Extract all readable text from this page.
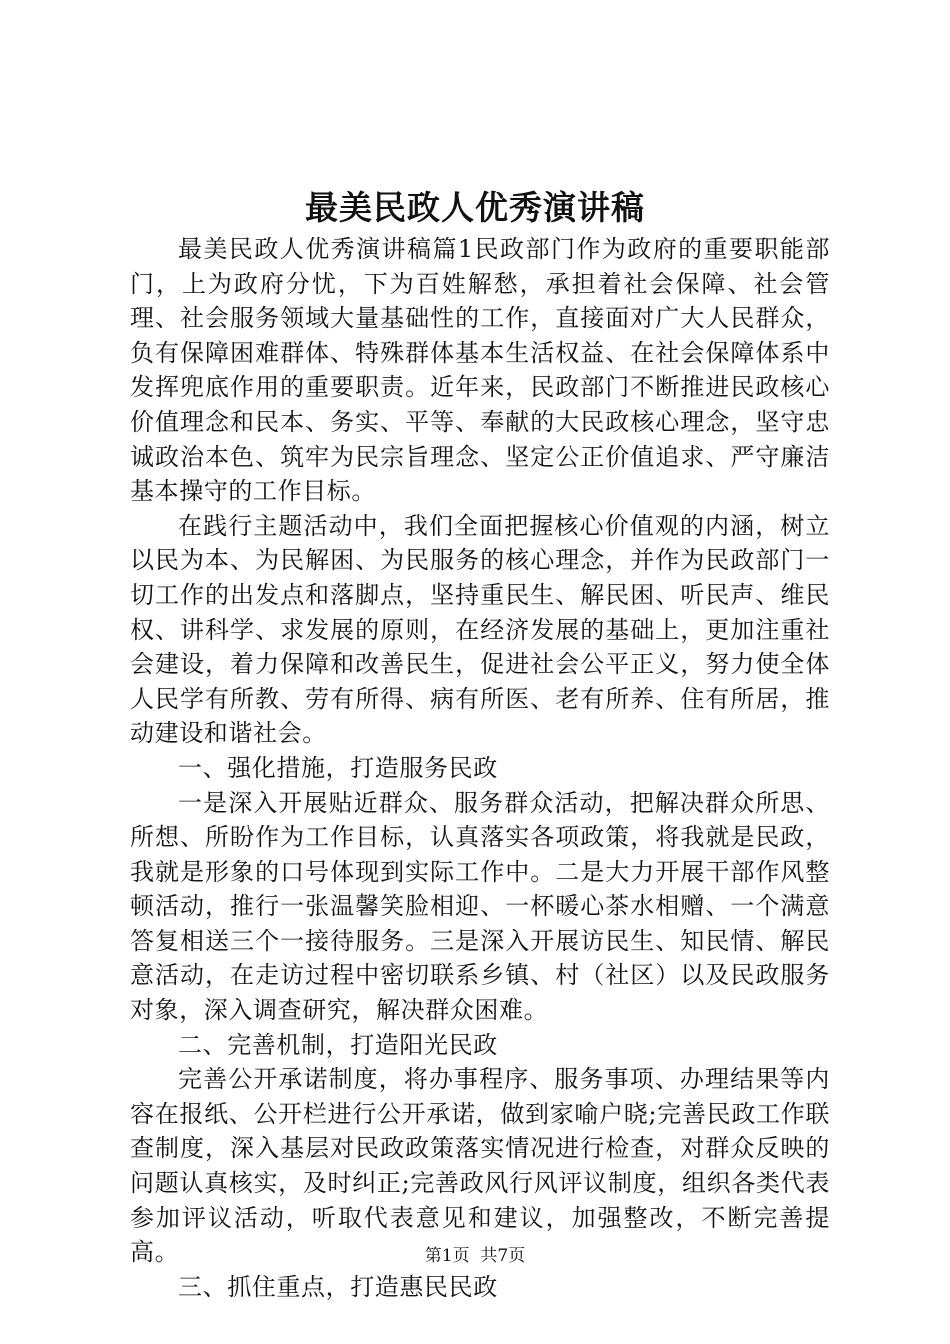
最美民政人优秀演讲稿

最美民政人优秀演讲稿篇1民政部门作为政府的重要职能部门，上为政府分忧，下为百姓解愁，承担着社会保障、社会管理、社会服务领域大量基础性的工作，直接面对广大人民群众，负有保障困难群体、特殊群体基本生活权益、在社会保障体系中发挥兜底作用的重要职责。近年来，民政部门不断推进民政核心价值理念和民本、务实、平等、奉献的大民政核心理念，坚守忠诚政治本色、筑牢为民宗旨理念、坚定公正价值追求、严守廉洁基本操守的工作目标。

在践行主题活动中，我们全面把握核心价值观的内涵，树立以民为本、为民解困、为民服务的核心理念，并作为民政部门一切工作的出发点和落脚点，坚持重民生、解民困、听民声、维民权、讲科学、求发展的原则，在经济发展的基础上，更加注重社会建设，着力保障和改善民生，促进社会公平正义，努力使全体人民学有所教、劳有所得、病有所医、老有所养、住有所居，推动建设和谐社会。

一、强化措施，打造服务民政

一是深入开展贴近群众、服务群众活动，把解决群众所思、所想、所盼作为工作目标，认真落实各项政策，将我就是民政，我就是形象的口号体现到实际工作中。二是大力开展干部作风整顿活动，推行一张温馨笑脸相迎、一杯暖心茶水相赠、一个满意答复相送三个一接待服务。三是深入开展访民生、知民情、解民意活动，在走访过程中密切联系乡镇、村（社区）以及民政服务对象，深入调查研究，解决群众困难。

二、完善机制，打造阳光民政

完善公开承诺制度，将办事程序、服务事项、办理结果等内容在报纸、公开栏进行公开承诺，做到家喻户晓;完善民政工作联查制度，深入基层对民政政策落实情况进行检查，对群众反映的问题认真核实，及时纠正;完善政风行风评议制度，组织各类代表参加评议活动，听取代表意见和建议，加强整改，不断完善提高。

三、抓住重点，打造惠民民政

第1页  共7页
